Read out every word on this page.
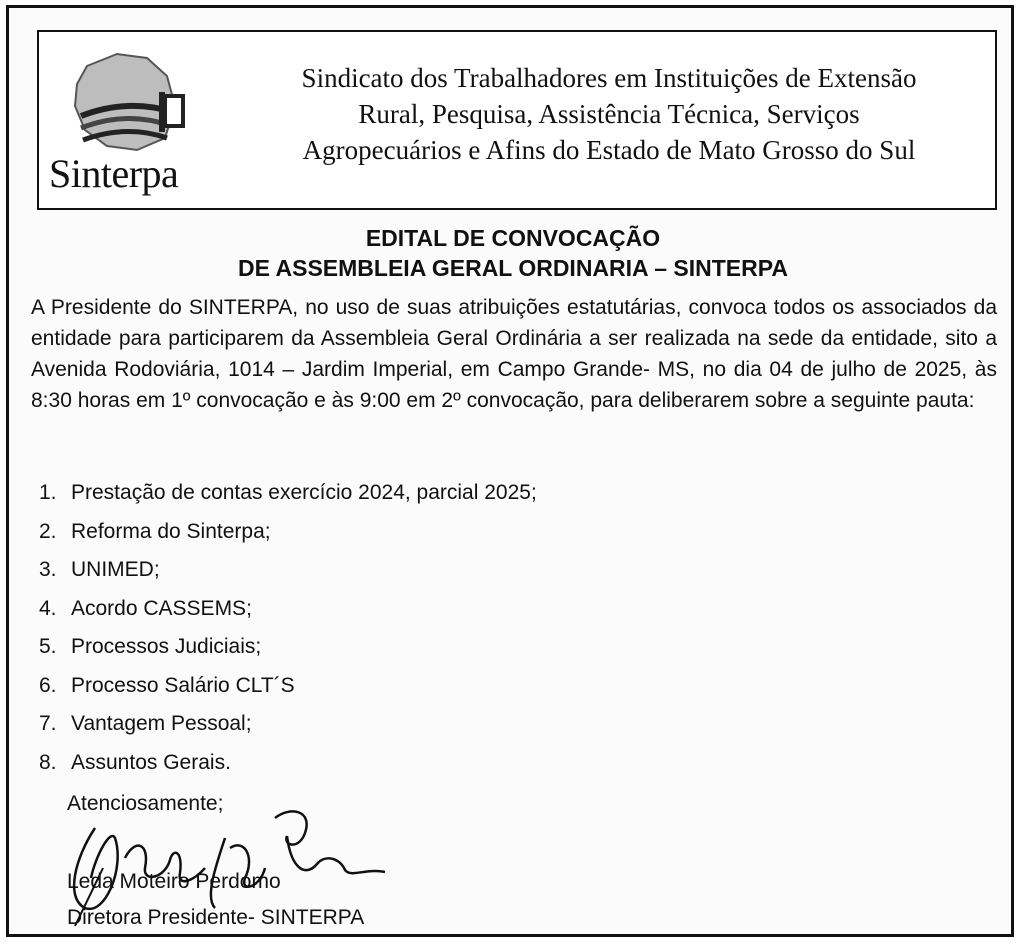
Sinterpa
Sindicato dos Trabalhadores em Instituições de Extensão
Rural, Pesquisa, Assistência Técnica, Serviços
Agropecuários e Afins do Estado de Mato Grosso do Sul
EDITAL DE CONVOCAÇÃO
DE ASSEMBLEIA GERAL ORDINARIA – SINTERPA

A Presidente do SINTERPA, no uso de suas atribuições estatutárias, convoca todos os associados da entidade para participarem da Assembleia Geral Ordinária a ser realizada na sede da entidade, sito a Avenida Rodoviária, 1014 – Jardim Imperial, em Campo Grande- MS, no dia 04 de julho de 2025, às 8:30 horas em 1º convocação e às 9:00 em 2º convocação, para deliberarem sobre a seguinte pauta:

1. Prestação de contas exercício 2024, parcial 2025;
2. Reforma do Sinterpa;
3. UNIMED;
4. Acordo CASSEMS;
5. Processos Judiciais;
6. Processo Salário CLT´S
7. Vantagem Pessoal;
8. Assuntos Gerais.
Atenciosamente;
Leda Moteiro Perdomo
Diretora Presidente- SINTERPA
